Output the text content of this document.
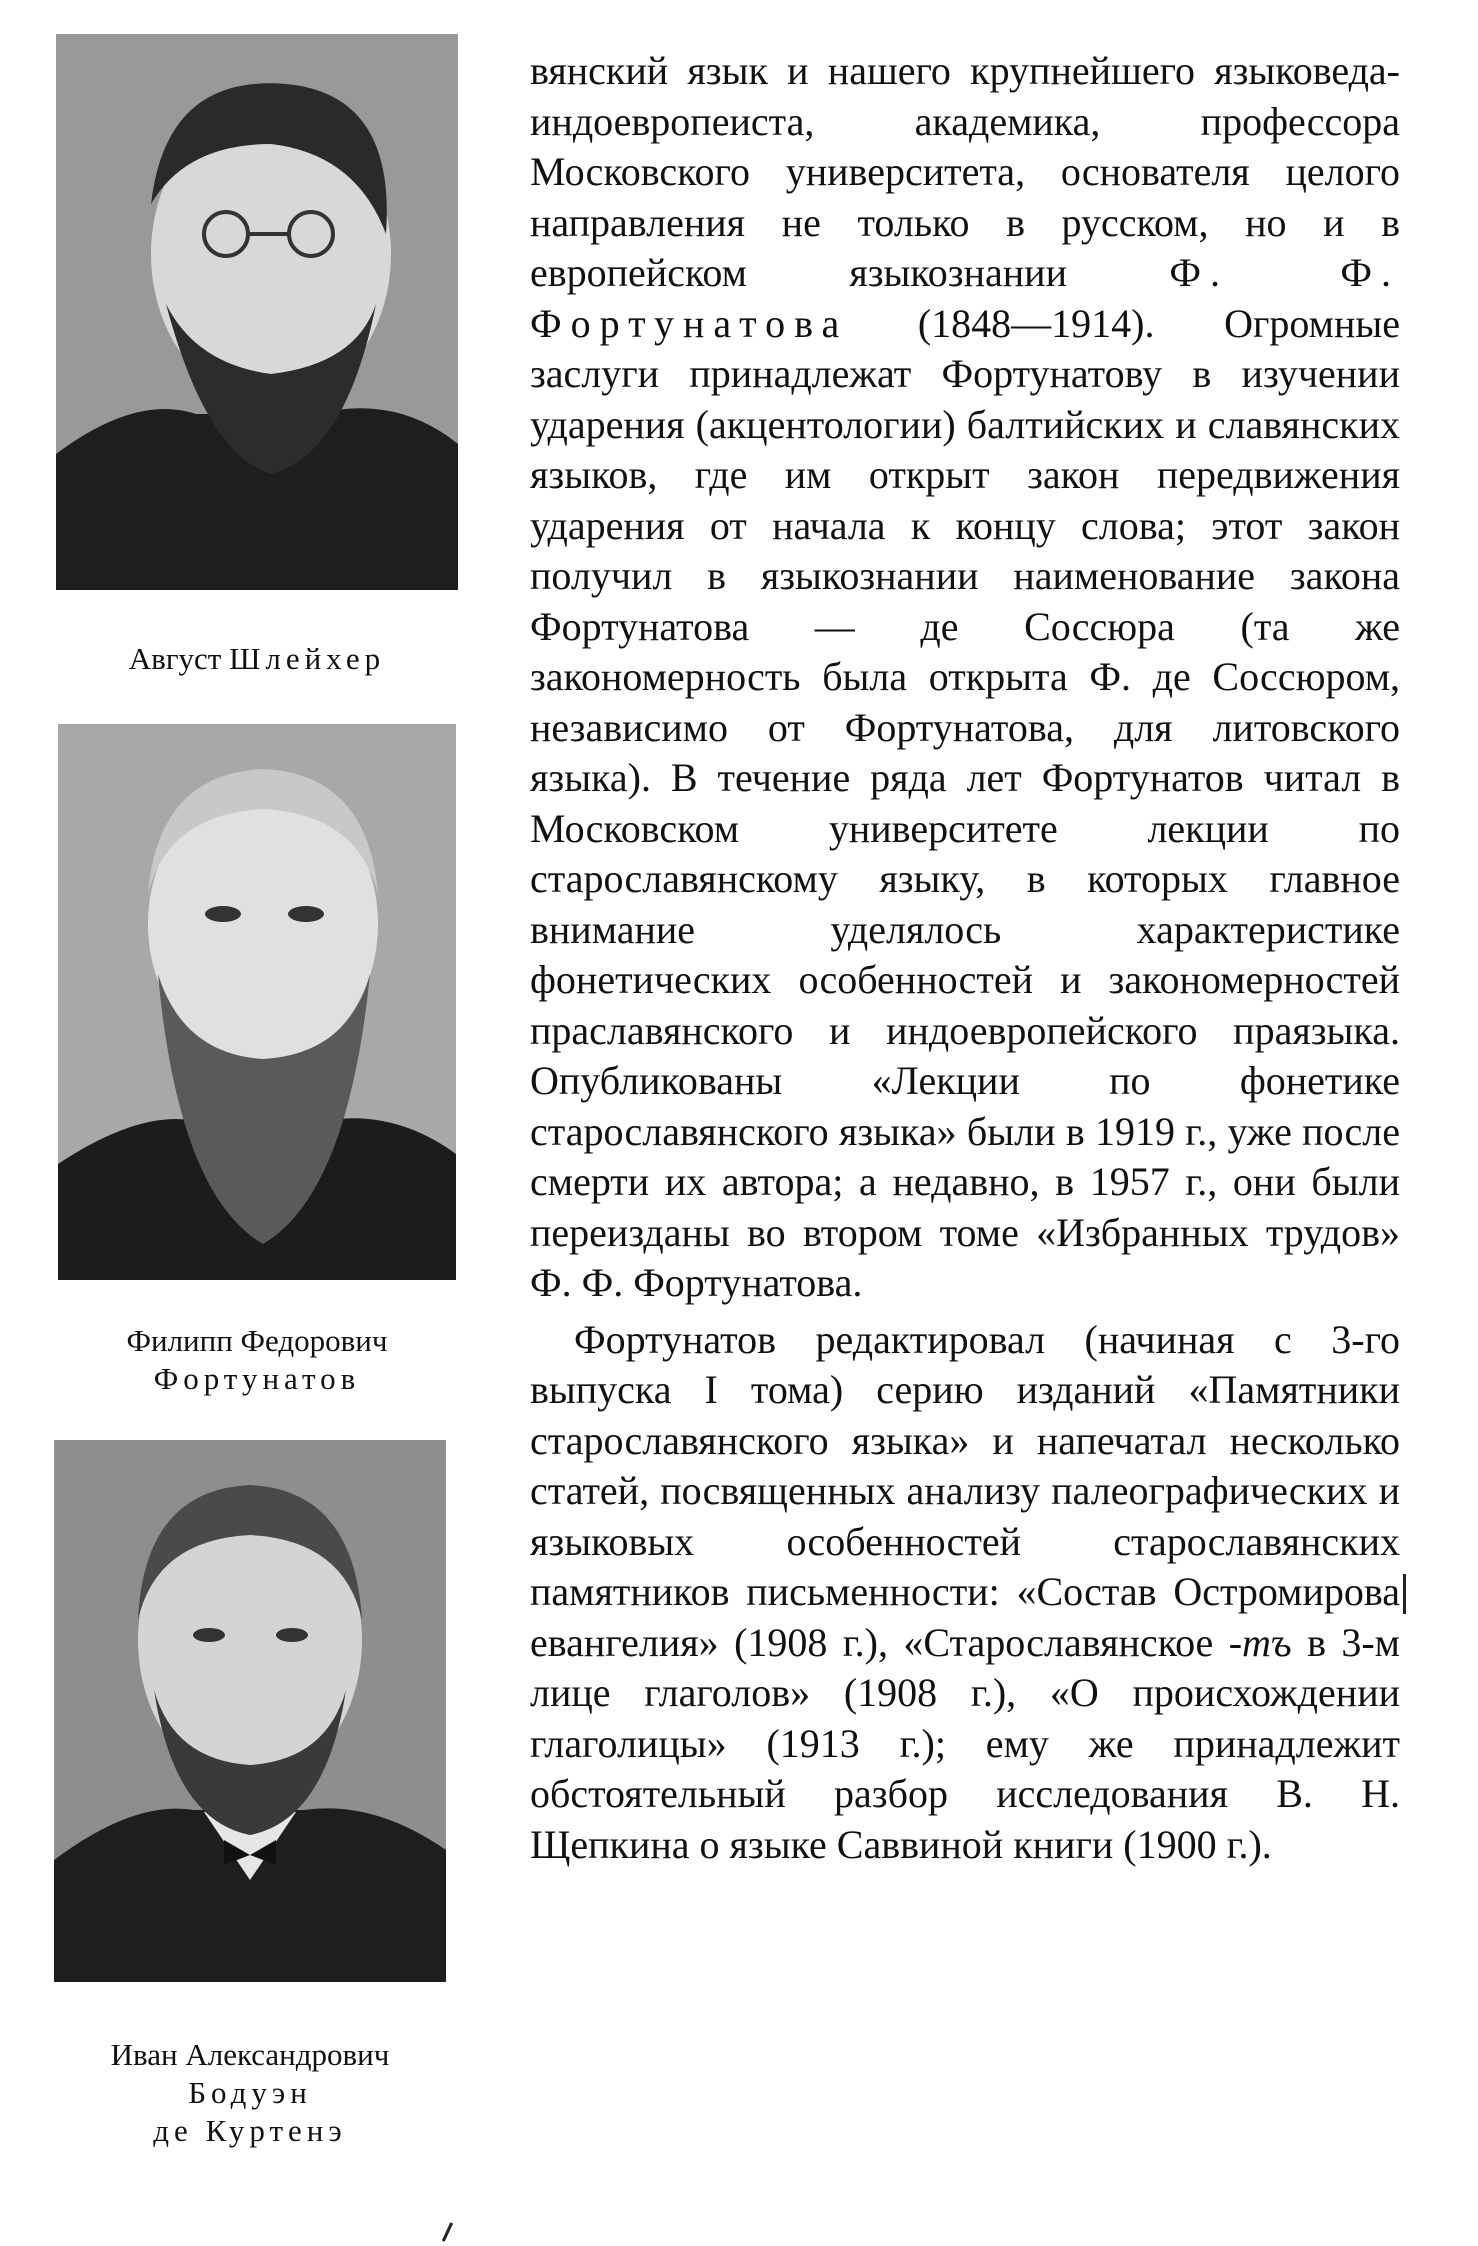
Август Шлейхер
Филипп Федорович
Фортунатов
Иван Александрович
Бодуэн
де Куртенэ

вянский язык и нашего крупнейшего языковеда-индоевропеиста, академика, профессора Московского университета, основателя целого направления не только в русском, но и в европейском языкознании Ф. Ф. Фортунатова (1848—1914). Огромные заслуги принадлежат Фортунатову в изучении ударения (акцентологии) балтийских и славянских языков, где им открыт закон передвижения ударения от начала к концу слова; этот закон получил в языкознании наименование закона Фортунатова — де Соссюра (та же закономерность была открыта Ф. де Соссюром, независимо от Фортунатова, для литовского языка). В течение ряда лет Фортунатов читал в Московском университете лекции по старославянскому языку, в которых главное внимание уделялось характеристике фонетических особенностей и закономерностей праславянского и индоевропейского праязыка. Опубликованы «Лекции по фонетике старославянского языка» были в 1919 г., уже после смерти их автора; а недавно, в 1957 г., они были переизданы во втором томе «Избранных трудов» Ф. Ф. Фортунатова.

Фортунатов редактировал (начиная с 3-го выпуска I тома) серию изданий «Памятники старославянского языка» и напечатал несколько статей, посвященных анализу палеографических и языковых особенностей старославянских памятников письменности: «Состав Остромирова евангелия» (1908 г.), «Старославянское -тъ в 3-м лице глаголов» (1908 г.), «О происхождении глаголицы» (1913 г.); ему же принадлежит обстоятельный разбор исследования В. Н. Щепкина о языке Саввиной книги (1900 г.).
